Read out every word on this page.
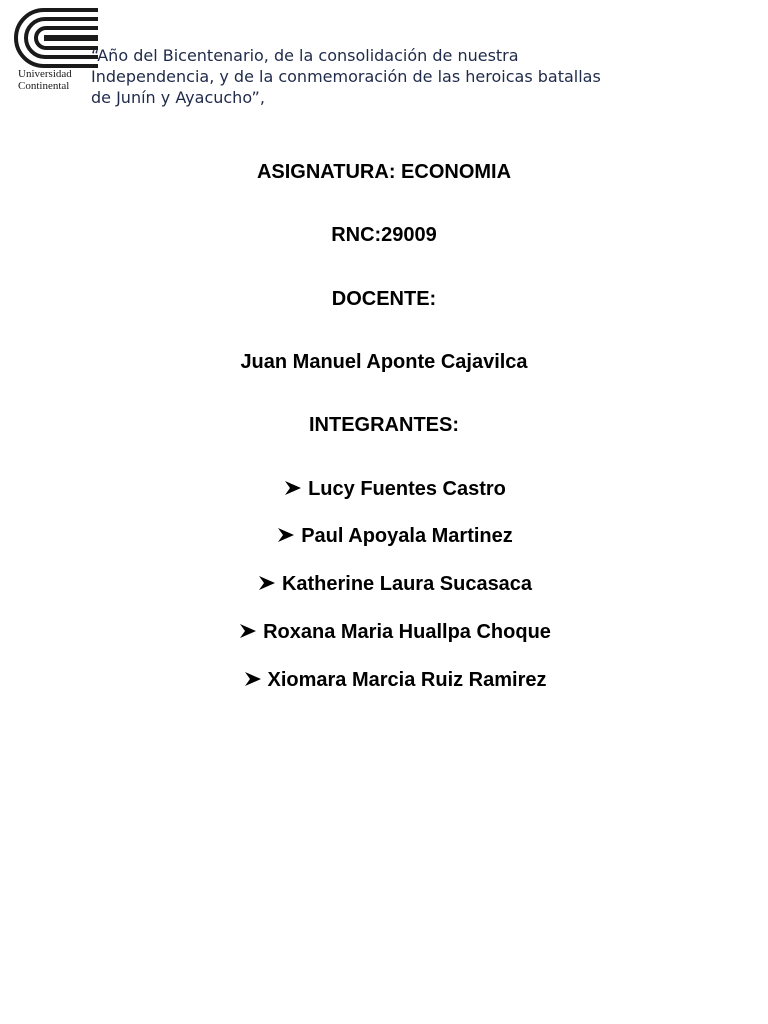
Universidad
Continental
“Año del Bicentenario, de la consolidación de nuestra
Independencia, y de la conmemoración de las heroicas batallas
de Junín y Ayacucho”,
ASIGNATURA: ECONOMIA
RNC:29009
DOCENTE:
Juan Manuel Aponte Cajavilca
INTEGRANTES:
Lucy Fuentes Castro
Paul Apoyala Martinez
Katherine Laura Sucasaca
Roxana Maria Huallpa Choque
Xiomara Marcia Ruiz Ramirez
